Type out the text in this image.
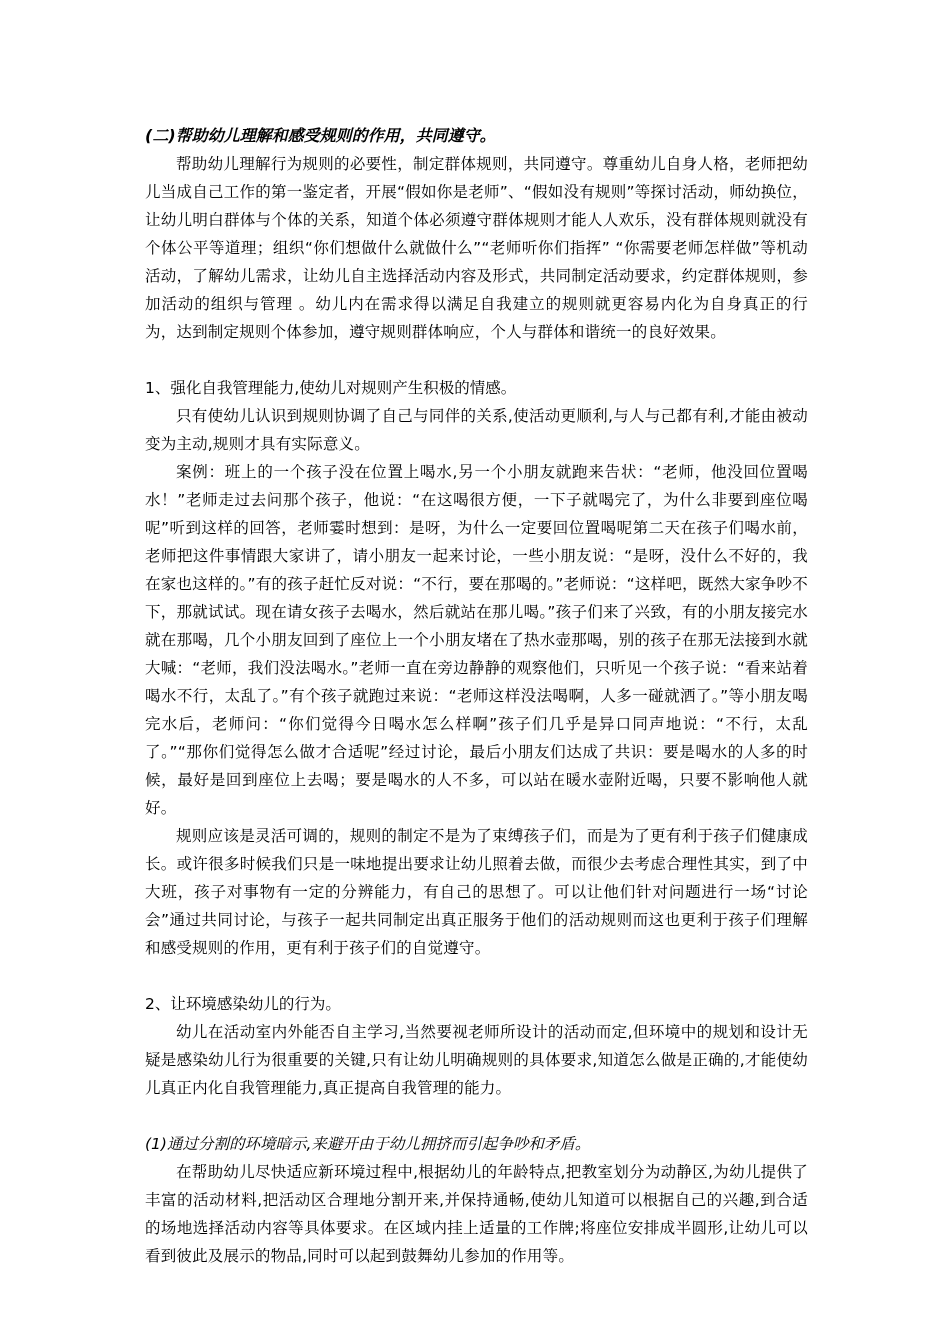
(二)帮助幼儿理解和感受规则的作用，共同遵守。

帮助幼儿理解行为规则的必要性，制定群体规则，共同遵守。尊重幼儿自身人格，老师把幼儿当成自己工作的第一鉴定者，开展“假如你是老师”、“假如没有规则”等探讨活动，师幼换位，让幼儿明白群体与个体的关系，知道个体必须遵守群体规则才能人人欢乐，没有群体规则就没有个体公平等道理；组织“你们想做什么就做什么”“老师听你们指挥” “你需要老师怎样做”等机动活动，了解幼儿需求，让幼儿自主选择活动内容及形式，共同制定活动要求，约定群体规则，参加活动的组织与管理 。幼儿内在需求得以满足自我建立的规则就更容易内化为自身真正的行为，达到制定规则个体参加，遵守规则群体响应，个人与群体和谐统一的良好效果。

1、强化自我管理能力,使幼儿对规则产生积极的情感。

只有使幼儿认识到规则协调了自己与同伴的关系,使活动更顺利,与人与己都有利,才能由被动变为主动,规则才具有实际意义。

案例：班上的一个孩子没在位置上喝水,另一个小朋友就跑来告状：“老师，他没回位置喝水！”老师走过去问那个孩子，他说：“在这喝很方便，一下子就喝完了，为什么非要到座位喝呢”听到这样的回答，老师霎时想到：是呀，为什么一定要回位置喝呢第二天在孩子们喝水前，老师把这件事情跟大家讲了，请小朋友一起来讨论，一些小朋友说：“是呀，没什么不好的，我在家也这样的。”有的孩子赶忙反对说：“不行，要在那喝的。”老师说：“这样吧，既然大家争吵不下，那就试试。现在请女孩子去喝水，然后就站在那儿喝。”孩子们来了兴致，有的小朋友接完水就在那喝，几个小朋友回到了座位上一个小朋友堵在了热水壶那喝，别的孩子在那无法接到水就大喊：“老师，我们没法喝水。”老师一直在旁边静静的观察他们，只听见一个孩子说：“看来站着喝水不行，太乱了。”有个孩子就跑过来说：“老师这样没法喝啊，人多一碰就洒了。”等小朋友喝完水后，老师问：“你们觉得今日喝水怎么样啊”孩子们几乎是异口同声地说：“不行，太乱了。”“那你们觉得怎么做才合适呢”经过讨论，最后小朋友们达成了共识：要是喝水的人多的时候，最好是回到座位上去喝；要是喝水的人不多，可以站在暖水壶附近喝，只要不影响他人就好。

规则应该是灵活可调的，规则的制定不是为了束缚孩子们，而是为了更有利于孩子们健康成长。或许很多时候我们只是一味地提出要求让幼儿照着去做，而很少去考虑合理性其实，到了中大班，孩子对事物有一定的分辨能力，有自己的思想了。可以让他们针对问题进行一场“讨论会”通过共同讨论，与孩子一起共同制定出真正服务于他们的活动规则而这也更利于孩子们理解和感受规则的作用，更有利于孩子们的自觉遵守。

2、让环境感染幼儿的行为。

幼儿在活动室内外能否自主学习,当然要视老师所设计的活动而定,但环境中的规划和设计无疑是感染幼儿行为很重要的关键,只有让幼儿明确规则的具体要求,知道怎么做是正确的,才能使幼儿真正内化自我管理能力,真正提高自我管理的能力。

(1)通过分割的环境暗示,来避开由于幼儿拥挤而引起争吵和矛盾。

在帮助幼儿尽快适应新环境过程中,根据幼儿的年龄特点,把教室划分为动静区,为幼儿提供了丰富的活动材料,把活动区合理地分割开来,并保持通畅,使幼儿知道可以根据自己的兴趣,到合适的场地选择活动内容等具体要求。在区域内挂上适量的工作牌;将座位安排成半圆形,让幼儿可以看到彼此及展示的物品,同时可以起到鼓舞幼儿参加的作用等。
